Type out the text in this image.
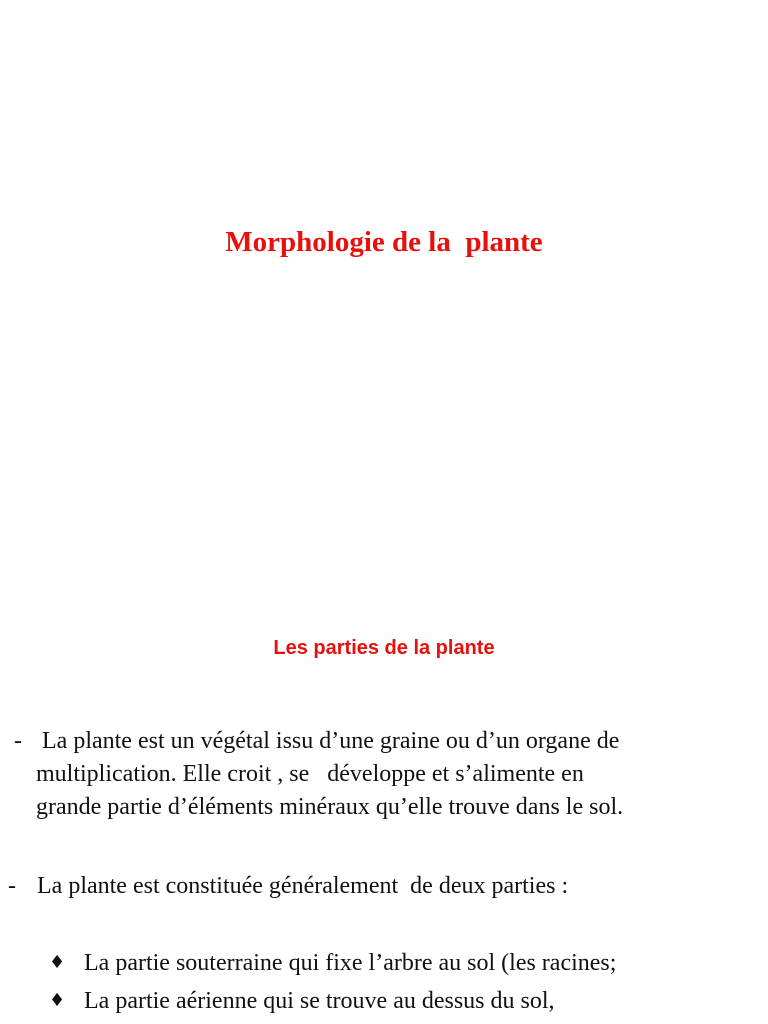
Morphologie de la  plante
Les parties de la plante
- La plante est un végétal issu d’une graine ou d’un organe de
multiplication. Elle croit , se   développe et s’alimente en
grande partie d’éléments minéraux qu’elle trouve dans le sol.
- La plante est constituée généralement  de deux parties :
♦ La partie souterraine qui fixe l’arbre au sol (les racines;
♦ La partie aérienne qui se trouve au dessus du sol,
